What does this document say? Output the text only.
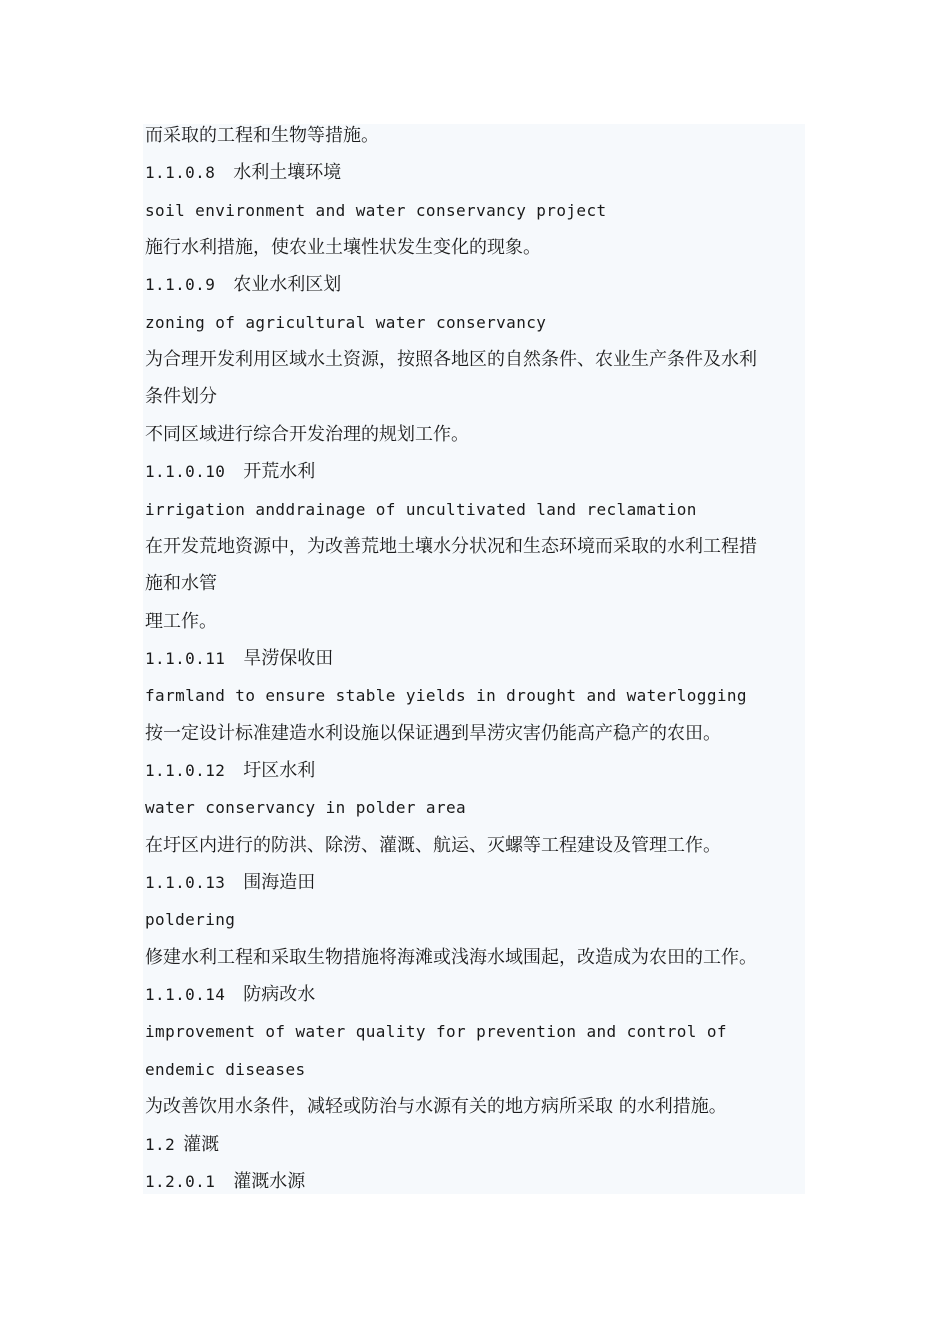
而采取的工程和生物等措施。
1.1.0.8 水利土壤环境
soil environment and water conservancy project
施行水利措施，使农业土壤性状发生变化的现象。
1.1.0.9 农业水利区划
zoning of agricultural water conservancy
为合理开发利用区域水土资源，按照各地区的自然条件、农业生产条件及水利
条件划分
不同区域进行综合开发治理的规划工作。
1.1.0.10 开荒水利
irrigation anddrainage of uncultivated land reclamation
在开发荒地资源中，为改善荒地土壤水分状况和生态环境而采取的水利工程措
施和水管
理工作。
1.1.0.11 旱涝保收田
farmland to ensure stable yields in drought and waterlogging
按一定设计标准建造水利设施以保证遇到旱涝灾害仍能高产稳产的农田。
1.1.0.12 圩区水利
water conservancy in polder area
在圩区内进行的防洪、除涝、灌溉、航运、灭螺等工程建设及管理工作。
1.1.0.13 围海造田
poldering
修建水利工程和采取生物措施将海滩或浅海水域围起，改造成为农田的工作。
1.1.0.14 防病改水
improvement of water quality for prevention and control of
endemic diseases
为改善饮用水条件，减轻或防治与水源有关的地方病所采取 的水利措施。
1.2 灌溉
1.2.0.1 灌溉水源
